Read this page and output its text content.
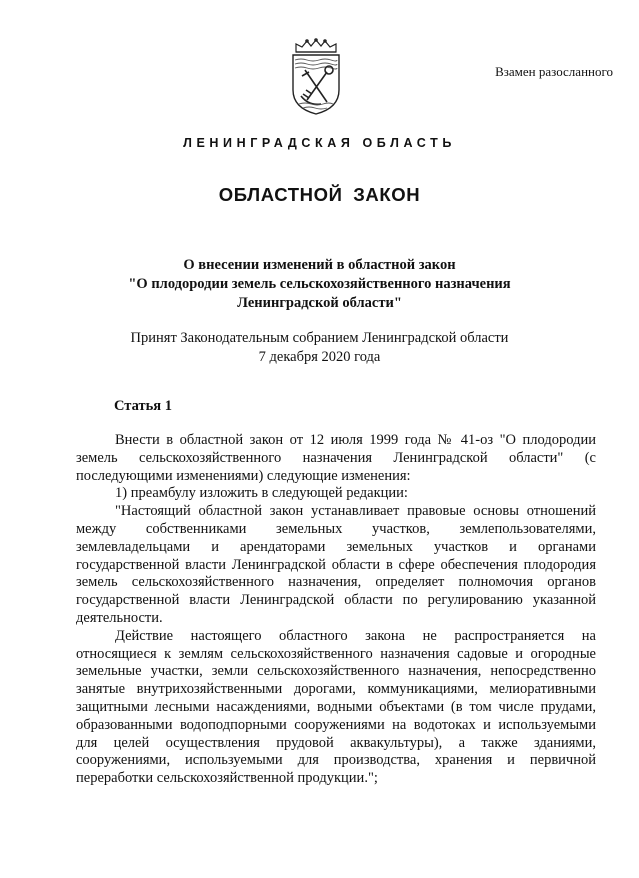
Взамен разосланного
ЛЕНИНГРАДСКАЯ ОБЛАСТЬ
ОБЛАСТНОЙ ЗАКОН
О внесении изменений в областной закон
"О плодородии земель сельскохозяйственного назначения
Ленинградской области"
Принят Законодательным собранием Ленинградской области
7 декабря 2020 года
Статья 1

Внести в областной закон от 12 июля 1999 года № 41-оз "О плодородии земель сельскохозяйственного назначения Ленинградской области" (с последующими изменениями) следующие изменения:

1) преамбулу изложить в следующей редакции:

"Настоящий областной закон устанавливает правовые основы отношений между собственниками земельных участков, землепользователями, землевладельцами и арендаторами земельных участков и органами государственной власти Ленинградской области в сфере обеспечения плодородия земель сельскохозяйственного назначения, определяет полномочия органов государственной власти Ленинградской области по регулированию указанной деятельности.

Действие настоящего областного закона не распространяется на относящиеся к землям сельскохозяйственного назначения садовые и огородные земельные участки, земли сельскохозяйственного назначения, непосредственно занятые внутрихозяйственными дорогами, коммуникациями, мелиоративными защитными лесными насаждениями, водными объектами (в том числе прудами, образованными водоподпорными сооружениями на водотоках и используемыми для целей осуществления прудовой аквакультуры), а также зданиями, сооружениями, используемыми для производства, хранения и первичной переработки сельскохозяйственной продукции.";
